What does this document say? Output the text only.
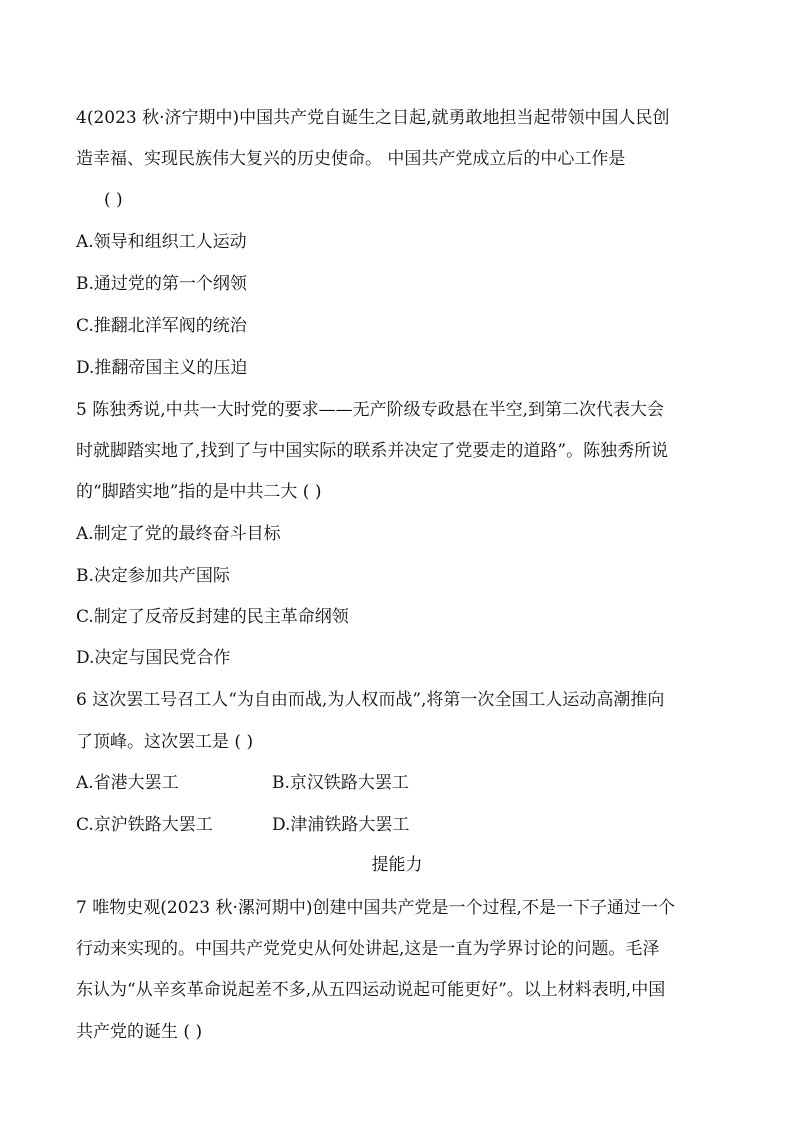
4(2023 秋·济宁期中)中国共产党自诞生之日起,就勇敢地担当起带领中国人民创
造幸福、实现民族伟大复兴的历史使命。 中国共产党成立后的中心工作是
( )
A.领导和组织工人运动
B.通过党的第一个纲领
C.推翻北洋军阀的统治
D.推翻帝国主义的压迫
5 陈独秀说,中共一大时党的要求——无产阶级专政悬在半空,到第二次代表大会
时就脚踏实地了,找到了与中国实际的联系并决定了党要走的道路”。陈独秀所说
的“脚踏实地”指的是中共二大 ( )
A.制定了党的最终奋斗目标
B.决定参加共产国际
C.制定了反帝反封建的民主革命纲领
D.决定与国民党合作
6 这次罢工号召工人“为自由而战,为人权而战”,将第一次全国工人运动高潮推向
了顶峰。这次罢工是 ( )
A.省港大罢工	B.京汉铁路大罢工
C.京沪铁路大罢工	D.津浦铁路大罢工
提能力
7 唯物史观(2023 秋·漯河期中)创建中国共产党是一个过程,不是一下子通过一个
行动来实现的。中国共产党党史从何处讲起,这是一直为学界讨论的问题。毛泽
东认为“从辛亥革命说起差不多,从五四运动说起可能更好”。以上材料表明,中国
共产党的诞生 ( )
